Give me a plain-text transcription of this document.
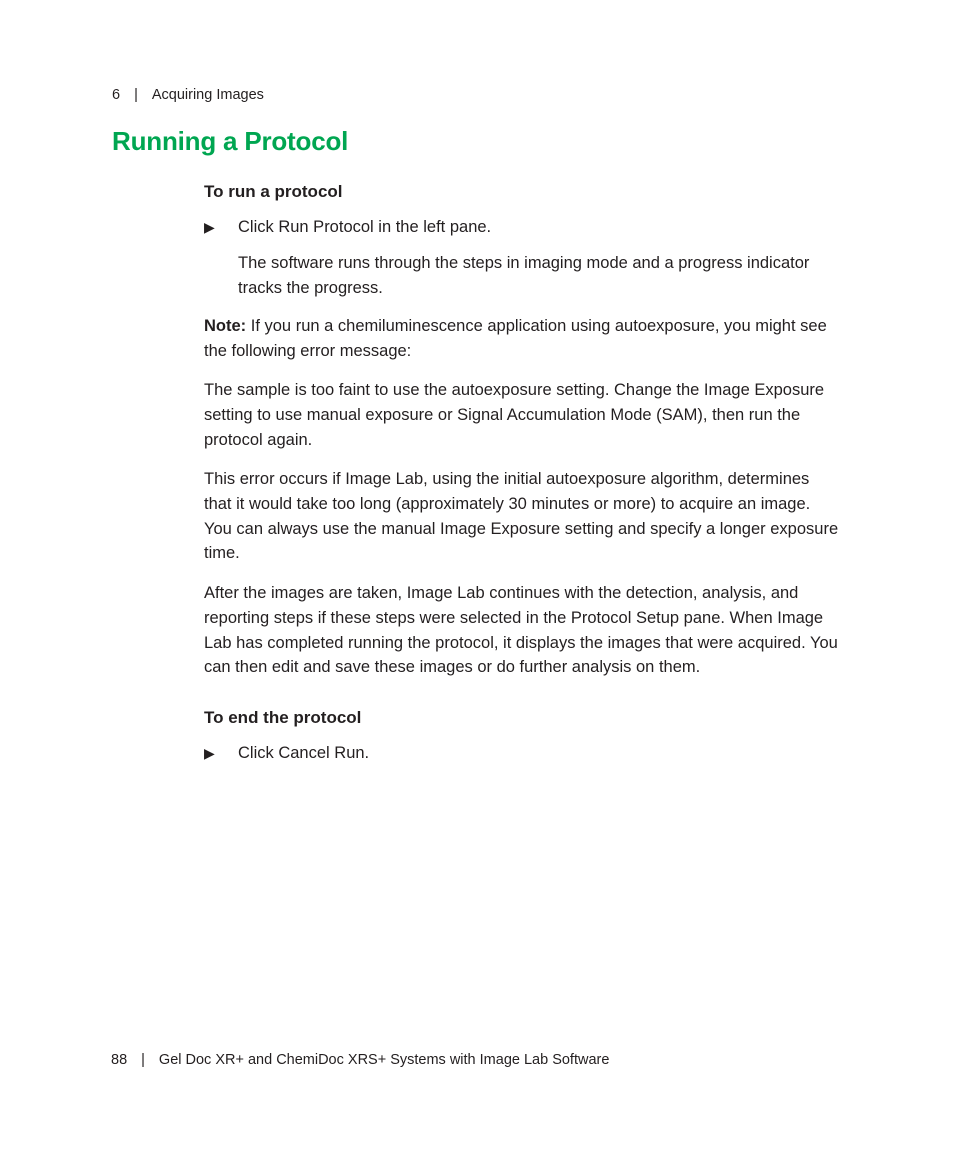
6 | Acquiring Images
Running a Protocol
To run a protocol
▶ Click Run Protocol in the left pane.
The software runs through the steps in imaging mode and a progress indicator tracks the progress.

Note: If you run a chemiluminescence application using autoexposure, you might see the following error message:

The sample is too faint to use the autoexposure setting. Change the Image Exposure setting to use manual exposure or Signal Accumulation Mode (SAM), then run the protocol again.

This error occurs if Image Lab, using the initial autoexposure algorithm, determines that it would take too long (approximately 30 minutes or more) to acquire an image. You can always use the manual Image Exposure setting and specify a longer exposure time.

After the images are taken, Image Lab continues with the detection, analysis, and reporting steps if these steps were selected in the Protocol Setup pane. When Image Lab has completed running the protocol, it displays the images that were acquired. You can then edit and save these images or do further analysis on them.

To end the protocol
▶ Click Cancel Run.
88 | Gel Doc XR+ and ChemiDoc XRS+ Systems with Image Lab Software
